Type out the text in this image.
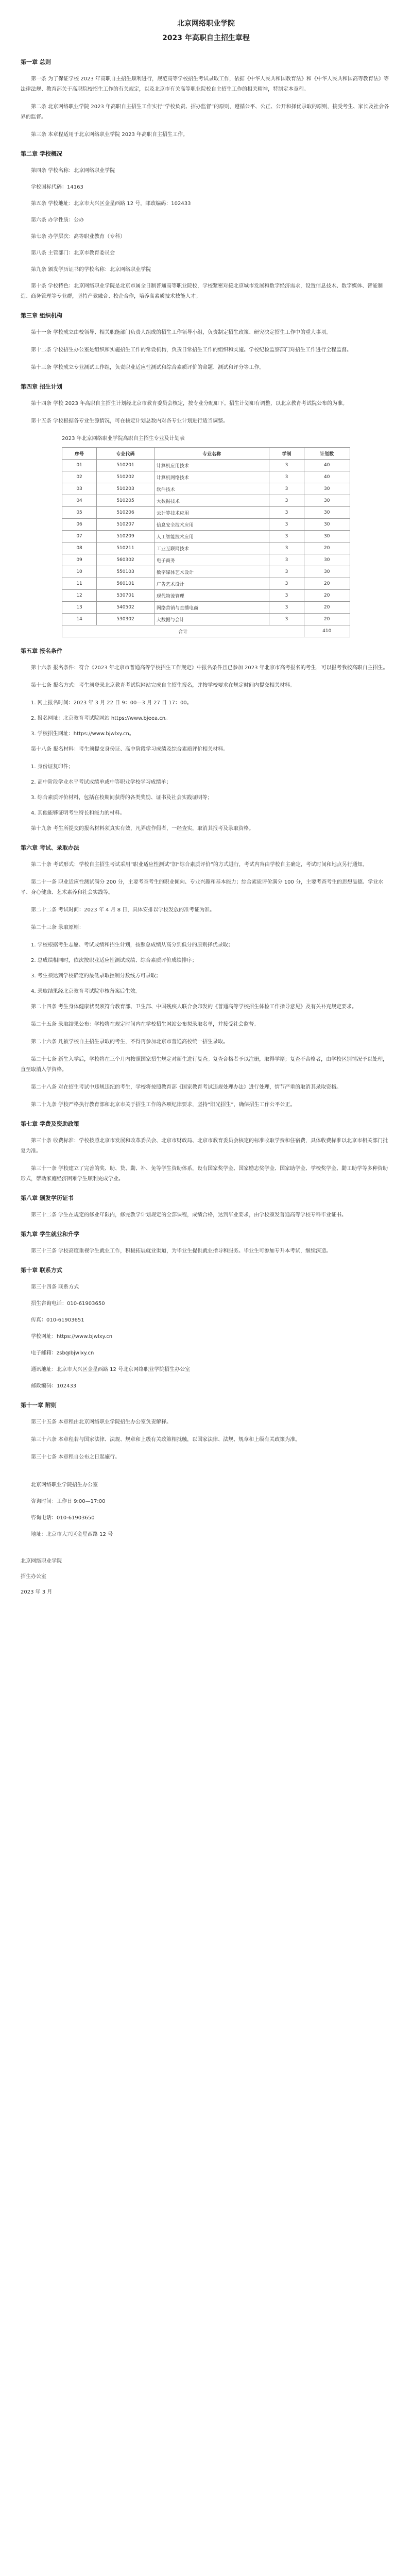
北京网络职业学院
2023 年高职自主招生章程
第一章 总则

第一条 为了保证学校 2023 年高职自主招生顺利进行，规范高等学校招生考试录取工作，依据《中华人民共和国教育法》和《中华人民共和国高等教育法》等法律法规、教育部关于高职院校招生工作的有关规定，以及北京市有关高等职业院校自主招生工作的相关精神，特制定本章程。

第二条 北京网络职业学院 2023 年高职自主招生工作实行“学校负责、招办监督”的原则，遵循公平、公正、公开和择优录取的原则，接受考生、家长及社会各界的监督。

第三条 本章程适用于北京网络职业学院 2023 年高职自主招生工作。

第二章 学校概况

第四条 学校名称：北京网络职业学院

学校国标代码：14163

第五条 学校地址：北京市大兴区金星西路 12 号，邮政编码：102433

第六条 办学性质：公办

第七条 办学层次：高等职业教育（专科）

第八条 主管部门：北京市教育委员会

第九条 颁发学历证书的学校名称：北京网络职业学院

第十条 学校特色：北京网络职业学院是北京市属全日制普通高等职业院校，学校紧密对接北京城市发展和数字经济需求，设置信息技术、数字媒体、智能制造、商务管理等专业群，坚持产教融合、校企合作，培养高素质技术技能人才。

第三章 组织机构

第十一条 学校成立由校领导、相关职能部门负责人组成的招生工作领导小组，负责制定招生政策、研究决定招生工作中的重大事项。

第十二条 学校招生办公室是组织和实施招生工作的常设机构，负责日常招生工作的组织和实施。学校纪检监察部门对招生工作进行全程监督。

第十三条 学校成立专业测试工作组，负责职业适应性测试和综合素质评价的命题、测试和评分等工作。

第四章 招生计划

第十四条 学校 2023 年高职自主招生计划经北京市教育委员会核定，按专业分配如下。招生计划如有调整，以北京教育考试院公布的为准。

第十五条 学校根据各专业生源情况，可在核定计划总数内对各专业计划进行适当调整。

2023 年北京网络职业学院高职自主招生专业及计划表
序号	专业代码	专业名称	学制	计划数
01	510201	计算机应用技术	3	40
02	510202	计算机网络技术	3	40
03	510203	软件技术	3	30
04	510205	大数据技术	3	30
05	510206	云计算技术应用	3	30
06	510207	信息安全技术应用	3	30
07	510209	人工智能技术应用	3	30
08	510211	工业互联网技术	3	20
09	560302	电子商务	3	30
10	550103	数字媒体艺术设计	3	30
11	560101	广告艺术设计	3	20
12	530701	现代物流管理	3	20
13	540502	网络营销与直播电商	3	20
14	530302	大数据与会计	3	20
合计				410
第五章 报名条件

第十六条 报名条件：符合《2023 年北京市普通高等学校招生工作规定》中报名条件且已参加 2023 年北京市高考报名的考生，可以报考我校高职自主招生。

第十七条 报名方式：考生须登录北京教育考试院网站完成自主招生报名，并按学校要求在规定时间内提交相关材料。

1. 网上报名时间：2023 年 3 月 22 日 9：00—3 月 27 日 17：00。

2. 报名网址：北京教育考试院网站 https://www.bjeea.cn。

3. 学校招生网址：https://www.bjwlxy.cn。

第十八条 报名材料：考生须提交身份证、高中阶段学习成绩及综合素质评价相关材料。

1. 身份证复印件；

2. 高中阶段学业水平考试成绩单或中等职业学校学习成绩单；

3. 综合素质评价材料，包括在校期间获得的各类奖励、证书及社会实践证明等；

4. 其他能够证明考生特长和能力的材料。

第十九条 考生所提交的报名材料须真实有效，凡弄虚作假者，一经查实，取消其报考及录取资格。

第六章 考试、录取办法

第二十条 考试形式：学校自主招生考试采用“职业适应性测试”加“综合素质评价”的方式进行，考试内容由学校自主确定，考试时间和地点另行通知。

第二十一条 职业适应性测试满分 200 分，主要考查考生的职业倾向、专业兴趣和基本能力；综合素质评价满分 100 分，主要考查考生的思想品德、学业水平、身心健康、艺术素养和社会实践等。

第二十二条 考试时间：2023 年 4 月 8 日，具体安排以学校发放的准考证为准。

第二十三条 录取原则：

1. 学校根据考生志愿、考试成绩和招生计划，按照总成绩从高分到低分的原则择优录取；

2. 总成绩相同时，依次按职业适应性测试成绩、综合素质评价成绩排序；

3. 考生须达到学校确定的最低录取控制分数线方可录取；

4. 录取结果经北京教育考试院审核备案后生效。

第二十四条 考生身体健康状况须符合教育部、卫生部、中国残疾人联合会印发的《普通高等学校招生体检工作指导意见》及有关补充规定要求。

第二十五条 录取结果公布：学校将在规定时间内在学校招生网站公布拟录取名单，并接受社会监督。

第二十六条 凡被学校自主招生录取的考生，不得再参加北京市普通高校统一招生录取。

第二十七条 新生入学后，学校将在三个月内按照国家招生规定对新生进行复查。复查合格者予以注册，取得学籍；复查不合格者，由学校区别情况予以处理，直至取消入学资格。

第二十八条 对在招生考试中违规违纪的考生，学校将按照教育部《国家教育考试违规处理办法》进行处理，情节严重的取消其录取资格。

第二十九条 学校严格执行教育部和北京市关于招生工作的各项纪律要求，坚持“阳光招生”，确保招生工作公平公正。

第七章 学费及资助政策

第三十条 收费标准：学校按照北京市发展和改革委员会、北京市财政局、北京市教育委员会核定的标准收取学费和住宿费，具体收费标准以北京市相关部门批复为准。

第三十一条 学校建立了完善的奖、助、贷、勤、补、免等学生资助体系，设有国家奖学金、国家励志奖学金、国家助学金、学校奖学金、勤工助学等多种资助形式，帮助家庭经济困难学生顺利完成学业。

第八章 颁发学历证书

第三十二条 学生在规定的修业年限内，修完教学计划规定的全部课程，成绩合格，达到毕业要求，由学校颁发普通高等学校专科毕业证书。

第九章 学生就业和升学

第三十三条 学校高度重视学生就业工作，积极拓展就业渠道，为毕业生提供就业指导和服务。毕业生可参加专升本考试，继续深造。

第十章 联系方式

第三十四条 联系方式

招生咨询电话：010-61903650

传真：010-61903651

学校网址：https://www.bjwlxy.cn

电子邮箱：zsb@bjwlxy.cn

通讯地址：北京市大兴区金星西路 12 号北京网络职业学院招生办公室

邮政编码：102433

第十一章 附则

第三十五条 本章程由北京网络职业学院招生办公室负责解释。

第三十六条 本章程若与国家法律、法规、规章和上级有关政策相抵触，以国家法律、法规、规章和上级有关政策为准。

第三十七条 本章程自公布之日起施行。

北京网络职业学院招生办公室

咨询时间：工作日 9:00—17:00

咨询电话：010-61903650

地址：北京市大兴区金星西路 12 号

北京网络职业学院

招生办公室

2023 年 3 月
